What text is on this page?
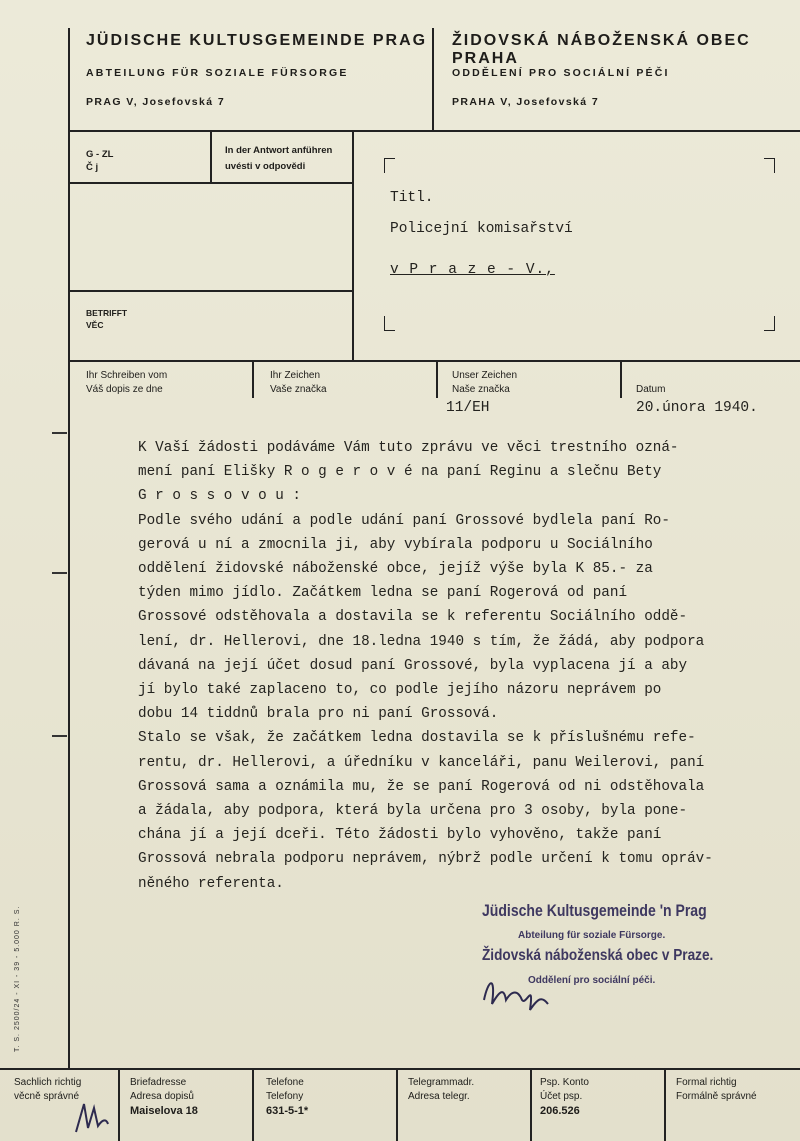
JÜDISCHE KULTUSGEMEINDE PRAG
ABTEILUNG FÜR SOZIALE FÜRSORGE
PRAG V, Josefovská 7
ŽIDOVSKÁ NÁBOŽENSKÁ OBEC PRAHA
ODDĚLENÍ PRO SOCIÁLNÍ PÉČI
PRAHA V, Josefovská 7
G - ZL
Č j
In der Antwort anführen
uvésti v odpovědi
BETRIFFT
VĚC
Titl.
Policejní komisařství
v P r a z e - V.,
Ihr Schreiben vom
Váš dopis ze dne
Ihr Zeichen
Vaše značka
Unser Zeichen
Naše značka
11/EH
Datum
20.února 1940.
K Vaší žádosti podáváme Vám tuto zprávu ve věci trestního ozná-
mení paní Elišky R o g e r o v é na paní Reginu a slečnu Bety
G r o s s o v o u :
Podle svého udání a podle udání paní Grossové bydlela paní Ro-
gerová u ní a zmocnila ji, aby vybírala podporu u Sociálního
oddělení židovské náboženské obce, jejíž výše byla K 85.- za
týden mimo jídlo. Začátkem ledna se paní Rogerová od paní
Grossové odstěhovala a dostavila se k referentu Sociálního oddě-
lení, dr. Hellerovi, dne 18.ledna 1940 s tím, že žádá, aby podpora
dávaná na její účet dosud paní Grossové, byla vyplacena jí a aby
jí bylo také zaplaceno to, co podle jejího názoru neprávem po
dobu 14 tiddnů brala pro ni paní Grossová.
Stalo se však, že začátkem ledna dostavila se k příslušnému refe-
rentu, dr. Hellerovi, a úředníku v kanceláři, panu Weilerovi, paní
Grossová sama a oznámila mu, že se paní Rogerová od ni odstěhovala
a žádala, aby podpora, která byla určena pro 3 osoby, byla pone-
chána jí a její dceři. Této žádosti bylo vyhověno, takže paní
Grossová nebrala podporu neprávem, nýbrž podle určení k tomu opráv-
něného referenta.
Jüdische Kultusgemeinde 'n Prag
Abteilung für soziale Fürsorge.
Židovská náboženská obec v Praze.
Oddělení pro sociální péči.
T. S. 2500/24 - XI - 39 - 5.000 R. S.
Sachlich richtig
věcně správné
Briefadresse
Adresa dopisů
Maiselova 18
Telefone
Telefony
631-5-1*
Telegrammadr.
Adresa telegr.
Psp. Konto
Účet psp.
206.526
Formal richtig
Formálně správné
